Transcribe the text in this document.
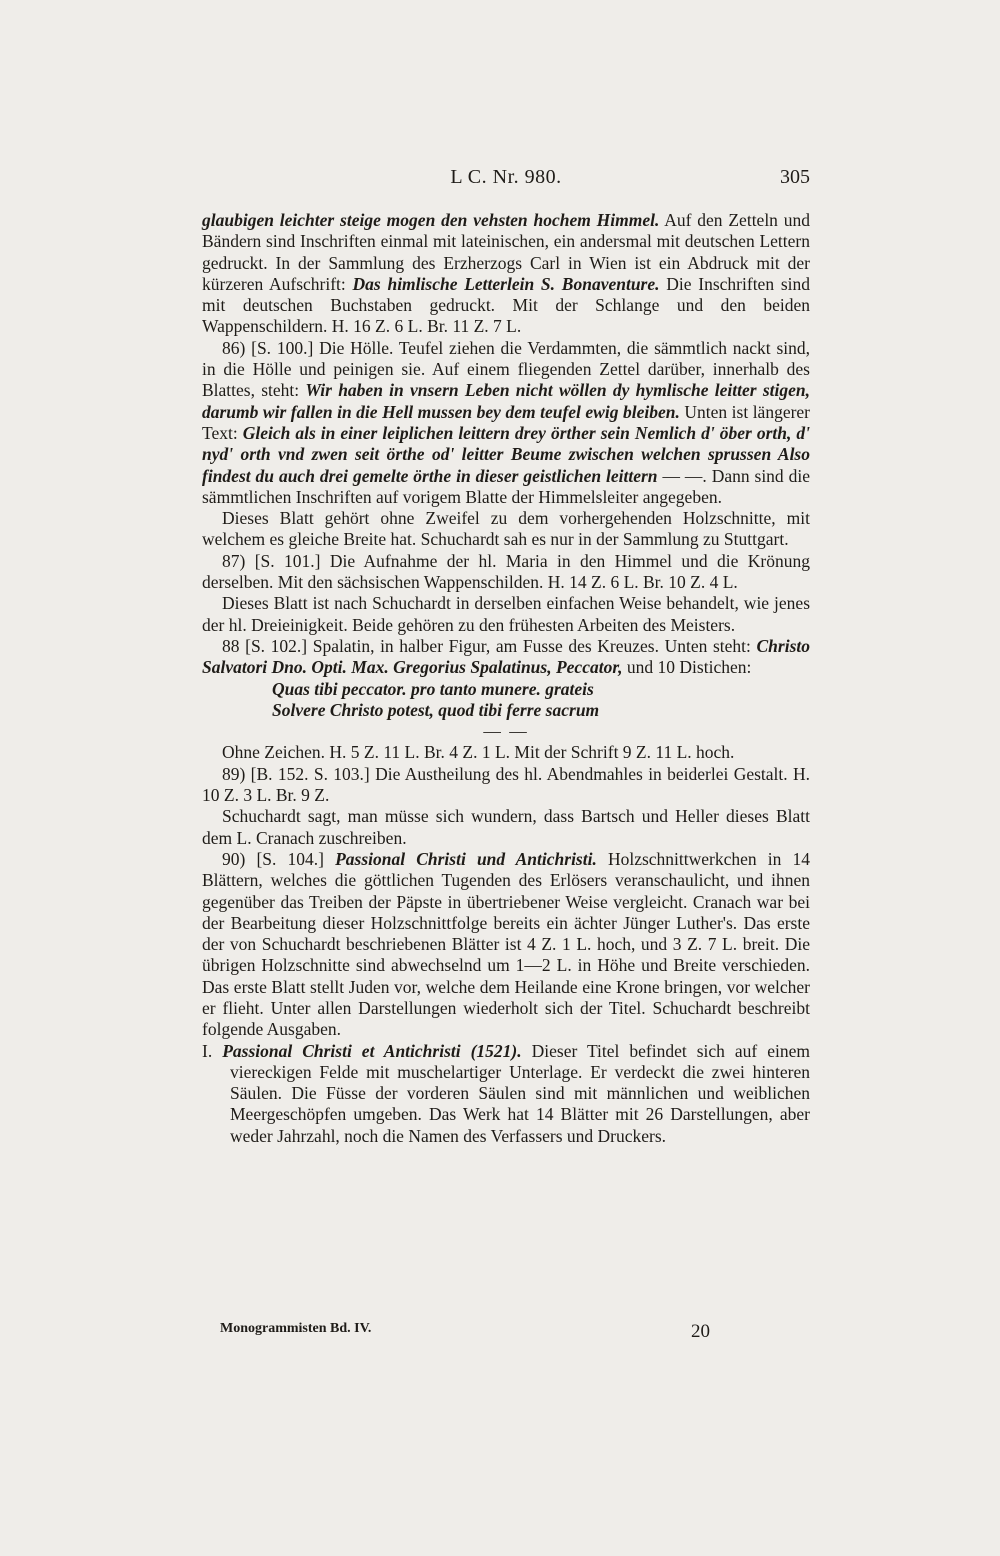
L C. Nr. 980.	305

glaubigen leichter steige mogen den vehsten hochem Himmel. Auf den Zetteln und Bändern sind Inschriften einmal mit lateinischen, ein andersmal mit deutschen Lettern gedruckt. In der Sammlung des Erzherzogs Carl in Wien ist ein Abdruck mit der kürzeren Aufschrift: Das himlische Letterlein S. Bonaventure. Die Inschriften sind mit deutschen Buchstaben gedruckt. Mit der Schlange und den beiden Wappenschildern. H. 16 Z. 6 L. Br. 11 Z. 7 L.

86) [S. 100.] Die Hölle. Teufel ziehen die Verdammten, die sämmtlich nackt sind, in die Hölle und peinigen sie. Auf einem fliegenden Zettel darüber, innerhalb des Blattes, steht: Wir haben in vnsern Leben nicht wöllen dy hymlische leitter stigen, darumb wir fallen in die Hell mussen bey dem teufel ewig bleiben. Unten ist längerer Text: Gleich als in einer leiplichen leittern drey örther sein Nemlich d' öber orth, d' nyd' orth vnd zwen seit örthe od' leitter Beume zwischen welchen sprussen Also findest du auch drei gemelte örthe in dieser geistlichen leittern — —. Dann sind die sämmtlichen Inschriften auf vorigem Blatte der Himmelsleiter angegeben.

Dieses Blatt gehört ohne Zweifel zu dem vorhergehenden Holzschnitte, mit welchem es gleiche Breite hat. Schuchardt sah es nur in der Sammlung zu Stuttgart.

87) [S. 101.] Die Aufnahme der hl. Maria in den Himmel und die Krönung derselben. Mit den sächsischen Wappenschilden. H. 14 Z. 6 L. Br. 10 Z. 4 L.

Dieses Blatt ist nach Schuchardt in derselben einfachen Weise behandelt, wie jenes der hl. Dreieinigkeit. Beide gehören zu den frühesten Arbeiten des Meisters.

88 [S. 102.] Spalatin, in halber Figur, am Fusse des Kreuzes. Unten steht: Christo Salvatori Dno. Opti. Max. Gregorius Spalatinus, Peccator, und 10 Distichen:

Quas tibi peccator. pro tanto munere. grateis

Solvere Christo potest, quod tibi ferre sacrum

— —

Ohne Zeichen. H. 5 Z. 11 L. Br. 4 Z. 1 L. Mit der Schrift 9 Z. 11 L. hoch.

89) [B. 152. S. 103.] Die Austheilung des hl. Abendmahles in beiderlei Gestalt. H. 10 Z. 3 L. Br. 9 Z.

Schuchardt sagt, man müsse sich wundern, dass Bartsch und Heller dieses Blatt dem L. Cranach zuschreiben.

90) [S. 104.] Passional Christi und Antichristi. Holzschnittwerkchen in 14 Blättern, welches die göttlichen Tugenden des Erlösers veranschaulicht, und ihnen gegenüber das Treiben der Päpste in übertriebener Weise vergleicht. Cranach war bei der Bearbeitung dieser Holzschnittfolge bereits ein ächter Jünger Luther's. Das erste der von Schuchardt beschriebenen Blätter ist 4 Z. 1 L. hoch, und 3 Z. 7 L. breit. Die übrigen Holzschnitte sind abwechselnd um 1—2 L. in Höhe und Breite verschieden. Das erste Blatt stellt Juden vor, welche dem Heilande eine Krone bringen, vor welcher er flieht. Unter allen Darstellungen wiederholt sich der Titel. Schuchardt beschreibt folgende Ausgaben.

I. Passional Christi et Antichristi (1521). Dieser Titel befindet sich auf einem viereckigen Felde mit muschelartiger Unterlage. Er verdeckt die zwei hinteren Säulen. Die Füsse der vorderen Säulen sind mit männlichen und weiblichen Meergeschöpfen umgeben. Das Werk hat 14 Blätter mit 26 Darstellungen, aber weder Jahrzahl, noch die Namen des Verfassers und Druckers.

Monogrammisten Bd. IV.	20
